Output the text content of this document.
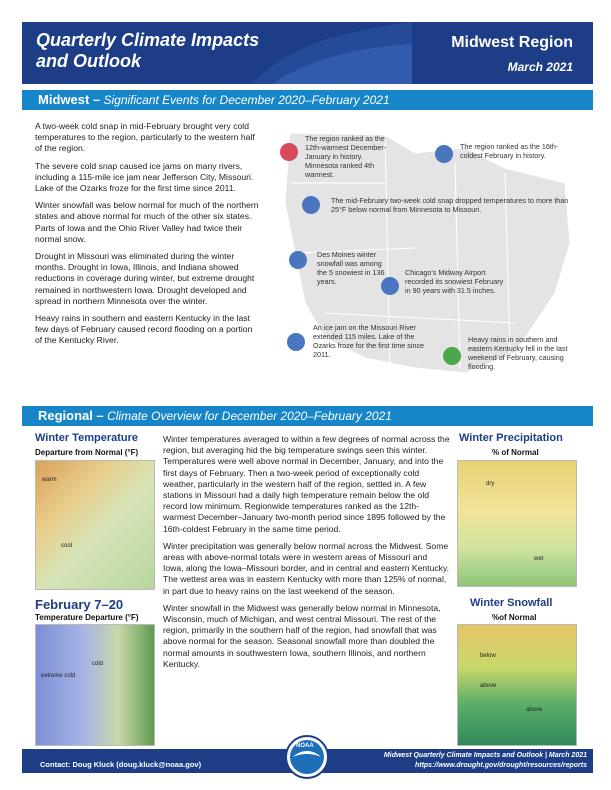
Quarterly Climate Impacts
and Outlook
Midwest Region
March 2021
Midwest – Significant Events for December 2020–February 2021

A two-week cold snap in mid-February brought very cold temperatures to the region, particularly to the western half of the region.

The severe cold snap caused ice jams on many rivers, including a 115-mile ice jam near Jefferson City, Missouri. Lake of the Ozarks froze for the first time since 2011.

Winter snowfall was below normal for much of the northern states and above normal for much of the other six states. Parts of Iowa and the Ohio River Valley had twice their normal snow.

Drought in Missouri was eliminated during the winter months. Drought in Iowa, Illinois, and Indiana showed reductions in coverage during winter, but extreme drought remained in northwestern Iowa. Drought developed and spread in northern Minnesota over the winter.

Heavy rains in southern and eastern Kentucky in the last few days of February caused record flooding on a portion of the Kentucky River.

The region ranked as the 12th-warmest December-January in history. Minnesota ranked 4th warmest.
The region ranked as the 16th-coldest February in history.
The mid-February two-week cold snap dropped temperatures to more than 25°F below normal from Minnesota to Missouri.
Des Moines winter snowfall was among the 5 snowiest in 136 years.
Chicago's Midway Airport recorded its snowiest February in 90 years with 31.5 inches.
An ice jam on the Missouri River extended 115 miles. Lake of the Ozarks froze for the first time since 2011.
Heavy rains in southern and eastern Kentucky fell in the last weekend of February, causing flooding.
Regional – Climate Overview for December 2020–February 2021
Winter Temperature
Departure from Normal (°F)
warm
cool
February 7–20
Temperature Departure (°F)
extreme cold
cold

Winter temperatures averaged to within a few degrees of normal across the region, but averaging hid the big temperature swings seen this winter. Temperatures were well above normal in December, January, and into the first days of February. Then a two-week period of exceptionally cold weather, particularly in the western half of the region, settled in. A few stations in Missouri had a daily high temperature remain below the old record low minimum. Regionwide temperatures ranked as the 12th-warmest December–January two-month period since 1895 followed by the 16th-coldest February in the same time period.

Winter precipitation was generally below normal across the Midwest. Some areas with above-normal totals were in western areas of Missouri and Iowa, along the Iowa–Missouri border, and in central and eastern Kentucky. The wettest area was in eastern Kentucky with more than 125% of normal, in part due to heavy rains on the last weekend of the season.

Winter snowfall in the Midwest was generally below normal in Minnesota, Wisconsin, much of Michigan, and west central Missouri. The rest of the region, primarily in the southern half of the region, had snowfall that was above normal for the season. Seasonal snowfall more than doubled the normal amounts in southwestern Iowa, southern Illinois, and northern Kentucky.

Winter Precipitation
% of Normal
dry
wet
Winter Snowfall
%of Normal
below
above
above
Contact: Doug Kluck (doug.kluck@noaa.gov)
NOAA
Midwest Quarterly Climate Impacts and Outlook | March 2021
https://www.drought.gov/drought/resources/reports
